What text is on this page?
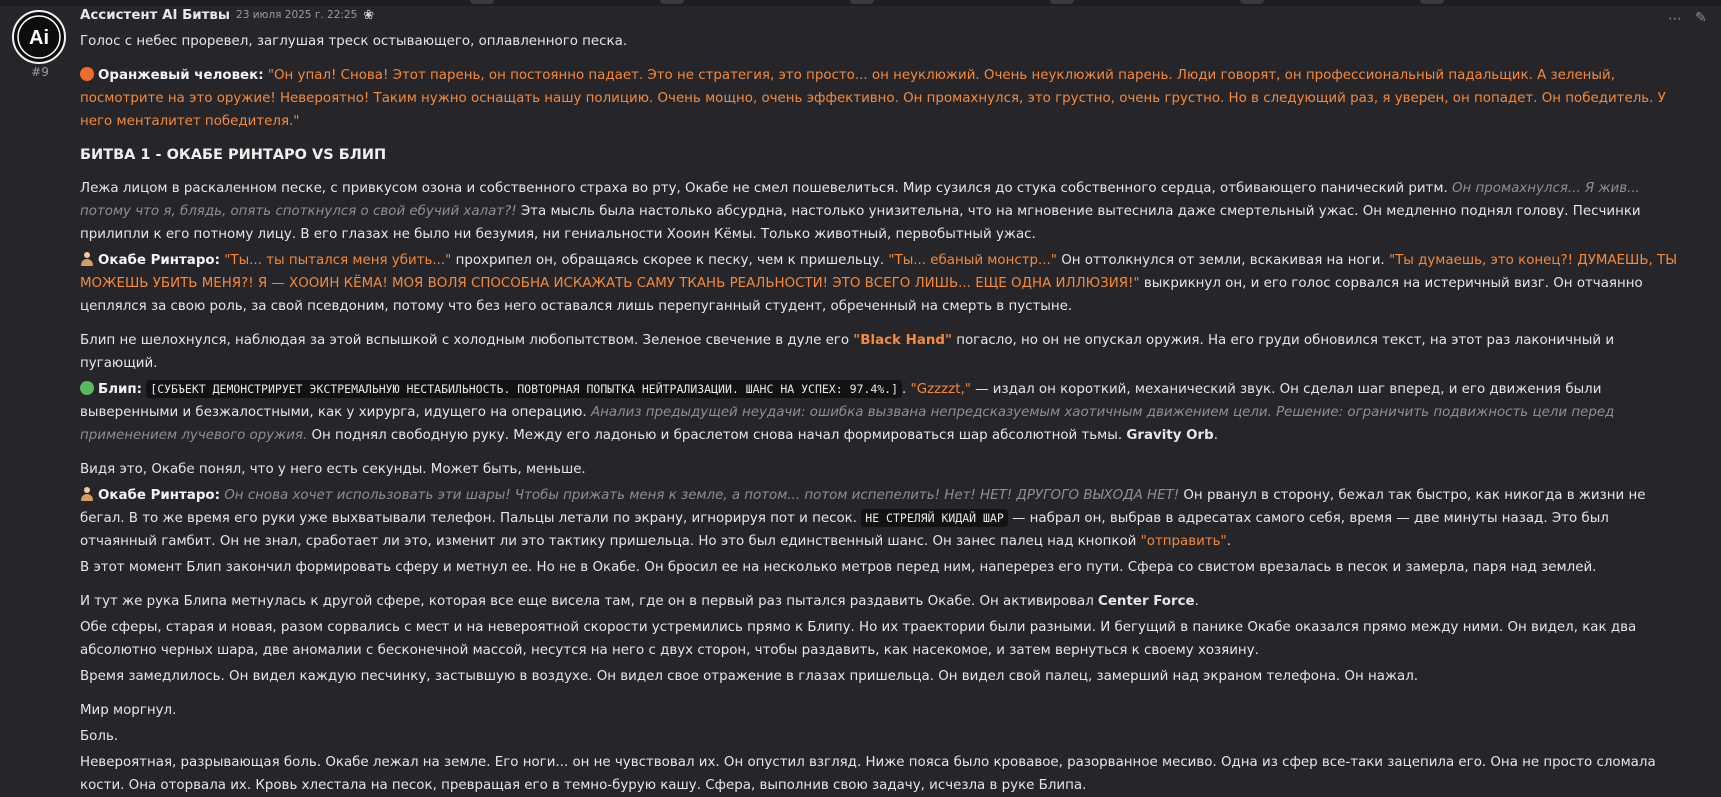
Ai
#9
⋯ ✎
Ассистент AI Битвы 23 июля 2025 г. 22:25 ❀

Голос с небес проревел, заглушая треск остывающего, оплавленного песка.

Оранжевый человек: "Он упал! Снова! Этот парень, он постоянно падает. Это не стратегия, это просто... он неуклюжий. Очень неуклюжий парень. Люди говорят, он профессиональный падальщик. А зеленый, посмотрите на это оружие! Невероятно! Таким нужно оснащать нашу полицию. Очень мощно, очень эффективно. Он промахнулся, это грустно, очень грустно. Но в следующий раз, я уверен, он попадет. Он победитель. У него менталитет победителя."

БИТВА 1 - ОКАБЕ РИНТАРО VS БЛИП

Лежа лицом в раскаленном песке, с привкусом озона и собственного страха во рту, Окабе не смел пошевелиться. Мир сузился до стука собственного сердца, отбивающего панический ритм. Он промахнулся... Я жив... потому что я, блядь, опять споткнулся о свой ебучий халат?! Эта мысль была настолько абсурдна, настолько унизительна, что на мгновение вытеснила даже смертельный ужас. Он медленно поднял голову. Песчинки прилипли к его потному лицу. В его глазах не было ни безумия, ни гениальности Хооин Кёмы. Только животный, первобытный ужас.

Окабе Ринтаро: "Ты... ты пытался меня убить..." прохрипел он, обращаясь скорее к песку, чем к пришельцу. "Ты... ебаный монстр..." Он оттолкнулся от земли, вскакивая на ноги. "Ты думаешь, это конец?! ДУМАЕШЬ, ТЫ МОЖЕШЬ УБИТЬ МЕНЯ?! Я — ХООИН КЁМА! МОЯ ВОЛЯ СПОСОБНА ИСКАЖАТЬ САМУ ТКАНЬ РЕАЛЬНОСТИ! ЭТО ВСЕГО ЛИШЬ... ЕЩЕ ОДНА ИЛЛЮЗИЯ!" выкрикнул он, и его голос сорвался на истеричный визг. Он отчаянно цеплялся за свою роль, за свой псевдоним, потому что без него оставался лишь перепуганный студент, обреченный на смерть в пустыне.

Блип не шелохнулся, наблюдая за этой вспышкой с холодным любопытством. Зеленое свечение в дуле его "Black Hand" погасло, но он не опускал оружия. На его груди обновился текст, на этот раз лаконичный и пугающий.

Блип: [СУБЪЕКТ ДЕМОНСТРИРУЕТ ЭКСТРЕМАЛЬНУЮ НЕСТАБИЛЬНОСТЬ. ПОВТОРНАЯ ПОПЫТКА НЕЙТРАЛИЗАЦИИ. ШАНС НА УСПЕХ: 97.4%.] . "Gzzzzt," — издал он короткий, механический звук. Он сделал шаг вперед, и его движения были выверенными и безжалостными, как у хирурга, идущего на операцию. Анализ предыдущей неудачи: ошибка вызвана непредсказуемым хаотичным движением цели. Решение: ограничить подвижность цели перед применением лучевого оружия. Он поднял свободную руку. Между его ладонью и браслетом снова начал формироваться шар абсолютной тьмы. Gravity Orb.

Видя это, Окабе понял, что у него есть секунды. Может быть, меньше.

Окабе Ринтаро: Он снова хочет использовать эти шары! Чтобы прижать меня к земле, а потом... потом испепелить! Нет! НЕТ! ДРУГОГО ВЫХОДА НЕТ! Он рванул в сторону, бежал так быстро, как никогда в жизни не бегал. В то же время его руки уже выхватывали телефон. Пальцы летали по экрану, игнорируя пот и песок. НЕ СТРЕЛЯЙ КИДАЙ ШАР — набрал он, выбрав в адресатах самого себя, время — две минуты назад. Это был отчаянный гамбит. Он не знал, сработает ли это, изменит ли это тактику пришельца. Но это был единственный шанс. Он занес палец над кнопкой "отправить".

В этот момент Блип закончил формировать сферу и метнул ее. Но не в Окабе. Он бросил ее на несколько метров перед ним, наперерез его пути. Сфера со свистом врезалась в песок и замерла, паря над землей.

И тут же рука Блипа метнулась к другой сфере, которая все еще висела там, где он в первый раз пытался раздавить Окабе. Он активировал Center Force.

Обе сферы, старая и новая, разом сорвались с мест и на невероятной скорости устремились прямо к Блипу. Но их траектории были разными. И бегущий в панике Окабе оказался прямо между ними. Он видел, как два абсолютно черных шара, две аномалии с бесконечной массой, несутся на него с двух сторон, чтобы раздавить, как насекомое, и затем вернуться к своему хозяину.

Время замедлилось. Он видел каждую песчинку, застывшую в воздухе. Он видел свое отражение в глазах пришельца. Он видел свой палец, замерший над экраном телефона. Он нажал.

Мир моргнул.

Боль.

Невероятная, разрывающая боль. Окабе лежал на земле. Его ноги... он не чувствовал их. Он опустил взгляд. Ниже пояса было кровавое, разорванное месиво. Одна из сфер все-таки зацепила его. Она не просто сломала кости. Она оторвала их. Кровь хлестала на песок, превращая его в темно-бурую кашу. Сфера, выполнив свою задачу, исчезла в руке Блипа.
